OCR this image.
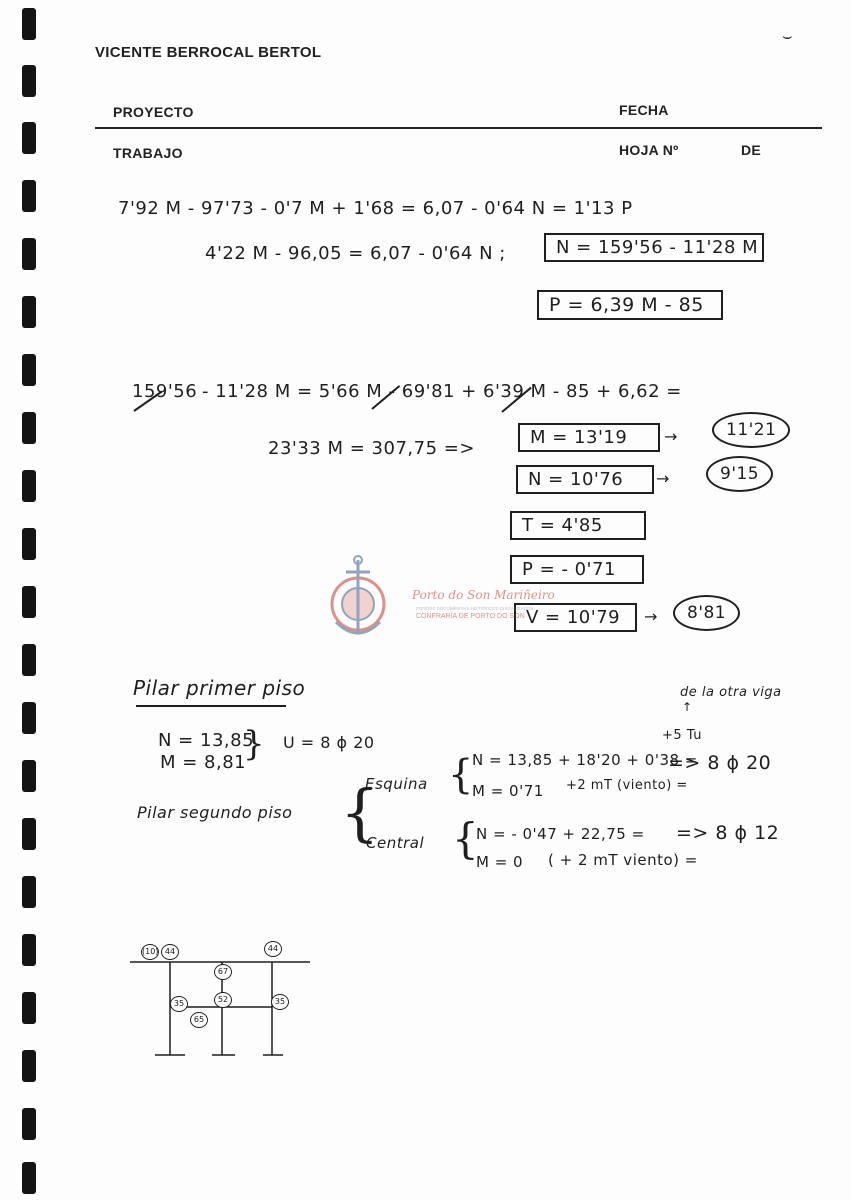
VICENTE BERROCAL BERTOL
PROYECTO	FECHA
TRABAJO	HOJA Nº	DE
⌣
7'92 M - 97'73 - 0'7 M + 1'68 = 6,07 - 0'64 N = 1'13 P
4'22 M - 96,05 = 6,07 - 0'64 N ;	N = 159'56 - 11'28 M
P = 6,39 M - 85
159'56 - 11'28 M = 5'66 M - 69'81 + 6'39 M - 85 + 6,62 =
23'33 M = 307,75 =>
M = 13'19	→	11'21
N = 10'76	→	9'15
T = 4'85
P = - 0'71
V = 10'79	→	8'81
Porto do Son Mariñeiro
FONDOS DOCUMENTAIS HISTÓRICOS DIXITALIZADOS
CONFRARÍA DE PORTO DO SON
Pilar primer piso
N = 13,85
M = 8,81
} U = 8 ϕ 20
Pilar segundo piso {
de la otra viga
↑
+5 Tu
Esquina {
N = 13,85 + 18'20 + 0'38 =
M = 0'71 +2 mT (viento) =
=> 8 ϕ 20
Central {
N = - 0'47 + 22,75 =
M = 0 ( + 2 mT viento) =
=> 8 ϕ 12
(10) 44	44
67
35	52	35
65
